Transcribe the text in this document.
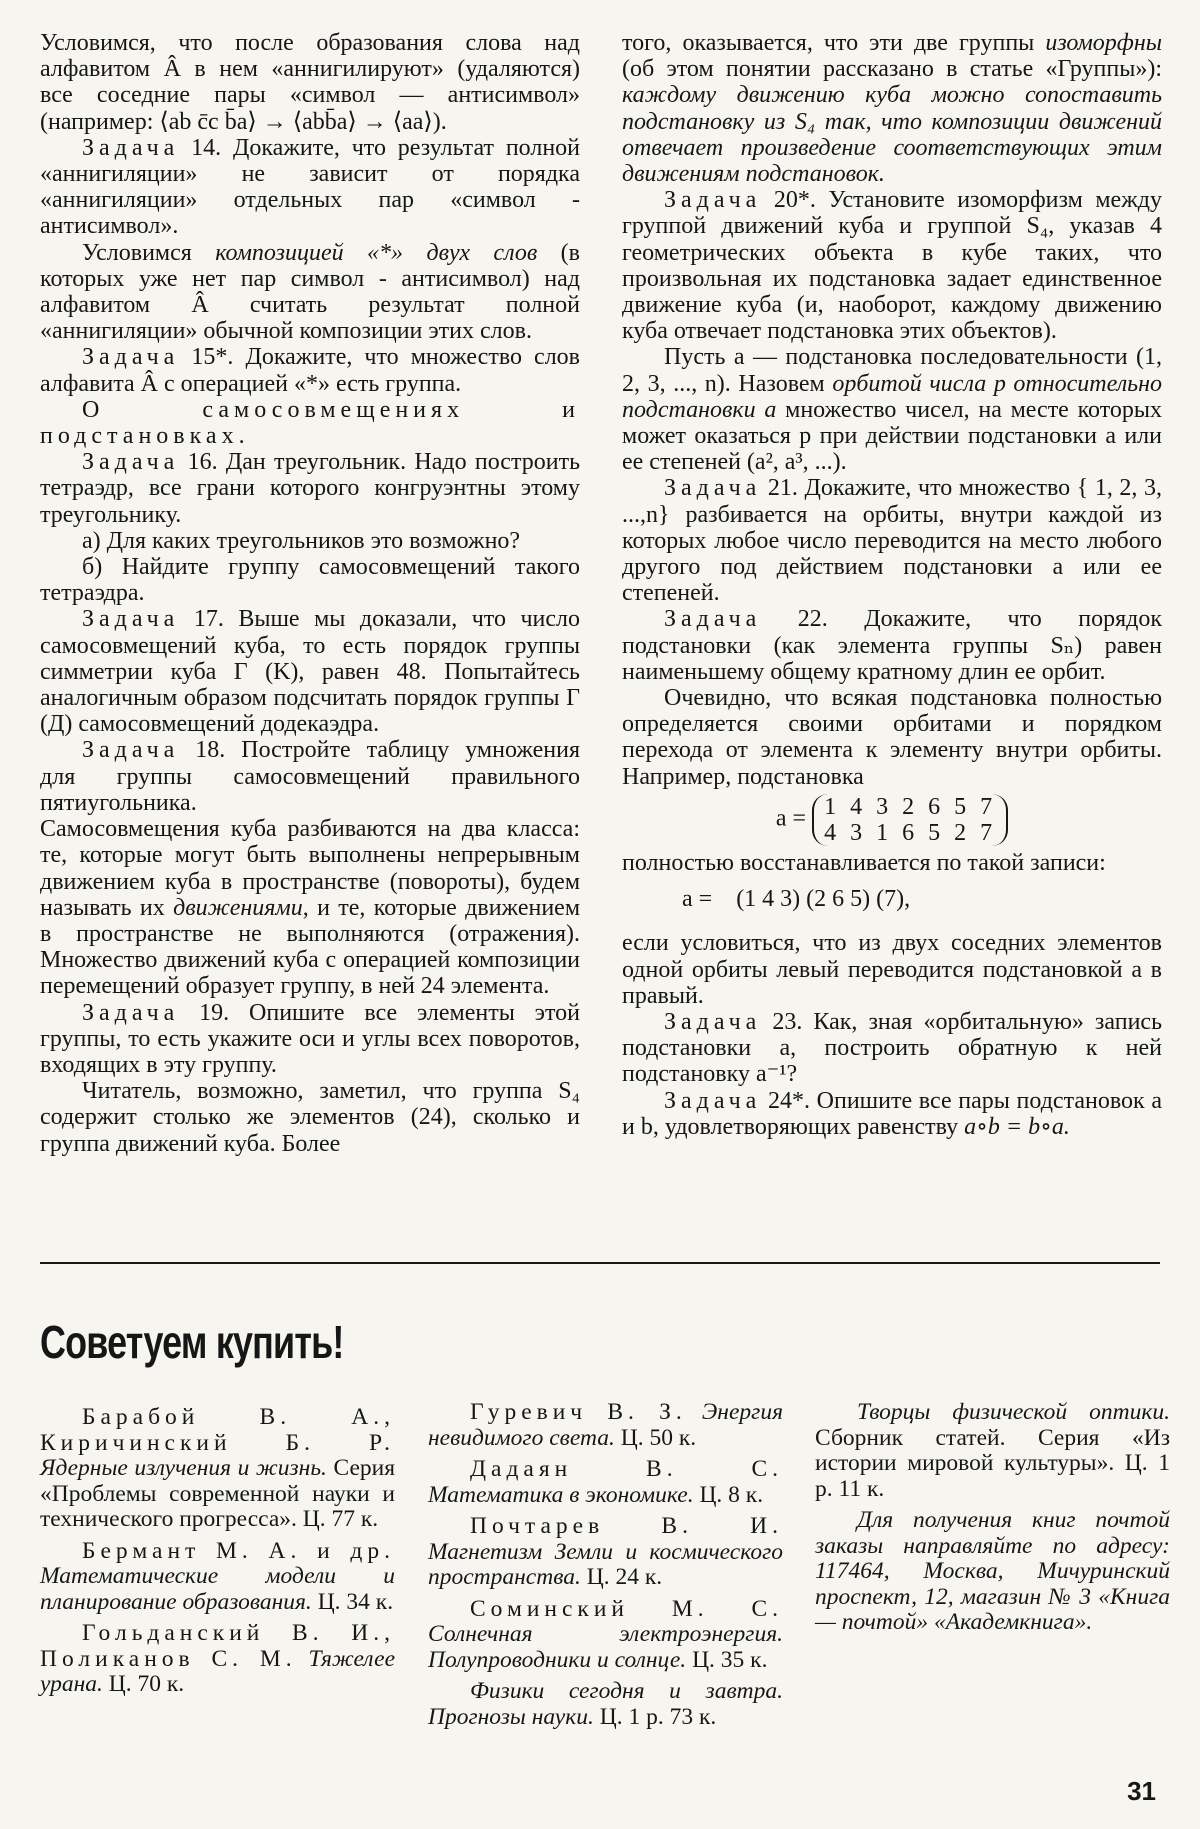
Условимся, что после образования слова над алфавитом Â в нем «аннигилируют» (удаляются) все соседние пары «символ — антисимвол» (например: ⟨ab c̄c b̄a⟩ → ⟨abb̄a⟩ → ⟨aa⟩).

Задача 14. Докажите, что результат полной «аннигиляции» не зависит от порядка «аннигиляции» отдельных пар «символ - антисимвол».

Условимся композицией «*» двух слов (в которых уже нет пар символ - антисимвол) над алфавитом Â считать результат полной «аннигиляции» обычной композиции этих слов.

Задача 15*. Докажите, что множество слов алфавита Â с операцией «*» есть группа.

О самосовмещениях и подстановках.

Задача 16. Дан треугольник. Надо построить тетраэдр, все грани которого конгруэнтны этому треугольнику.

а) Для каких треугольников это возможно?

б) Найдите группу самосовмещений такого тетраэдра.

Задача 17. Выше мы доказали, что число самосовмещений куба, то есть порядок группы симметрии куба Г (K), равен 48. Попытайтесь аналогичным образом подсчитать порядок группы Г (Д) самосовмещений додекаэдра.

Задача 18. Постройте таблицу умножения для группы самосовмещений правильного пятиугольника.

Самосовмещения куба разбиваются на два класса: те, которые могут быть выполнены непрерывным движением куба в пространстве (повороты), будем называть их движениями, и те, которые движением в пространстве не выполняются (отражения). Множество движений куба с операцией композиции перемещений образует группу, в ней 24 элемента.

Задача 19. Опишите все элементы этой группы, то есть укажите оси и углы всех поворотов, входящих в эту группу.

Читатель, возможно, заметил, что группа S₄ содержит столько же элементов (24), сколько и группа движений куба. Более

того, оказывается, что эти две группы изоморфны (об этом понятии рассказано в статье «Группы»): каждому движению куба можно сопоставить подстановку из S₄ так, что композиции движений отвечает произведение соответствующих этим движениям подстановок.

Задача 20*. Установите изоморфизм между группой движений куба и группой S₄, указав 4 геометрических объекта в кубе таких, что произвольная их подстановка задает единственное движение куба (и, наоборот, каждому движению куба отвечает подстановка этих объектов).

Пусть a — подстановка последовательности (1, 2, 3, ..., n). Назовем орбитой числа p относительно подстановки a множество чисел, на месте которых может оказаться p при действии подстановки a или ее степеней (a², a³, ...).

Задача 21. Докажите, что множество { 1, 2, 3, ...,n} разбивается на орбиты, внутри каждой из которых любое число переводится на место любого другого под действием подстановки a или ее степеней.

Задача 22. Докажите, что порядок подстановки (как элемента группы Sₙ) равен наименьшему общему кратному длин ее орбит.

Очевидно, что всякая подстановка полностью определяется своими орбитами и порядком перехода от элемента к элементу внутри орбиты. Например, подстановка

a = 1 4 3 2 6 5 7
4 3 1 6 5 2 7

полностью восстанавливается по такой записи:

a = (1 4 3) (2 6 5) (7),

если условиться, что из двух соседних элементов одной орбиты левый переводится подстановкой a в правый.

Задача 23. Как, зная «орбитальную» запись подстановки a, построить обратную к ней подстановку a⁻¹?

Задача 24*. Опишите все пары подстановок a и b, удовлетворяющих равенству a∘b = b∘a.

Советуем купить!

Барабой В. А., Киричинский Б. Р. Ядерные излучения и жизнь. Серия «Проблемы современной науки и технического прогресса». Ц. 77 к.

Бермант М. А. и др. Математические модели и планирование образования. Ц. 34 к.

Гольданский В. И., Поликанов С. М. Тяжелее урана. Ц. 70 к.

Гуревич В. З. Энергия невидимого света. Ц. 50 к.

Дадаян В. С. Математика в экономике. Ц. 8 к.

Почтарев В. И. Магнетизм Земли и космического пространства. Ц. 24 к.

Соминский М. С. Солнечная электроэнергия. Полупроводники и солнце. Ц. 35 к.

Физики сегодня и завтра. Прогнозы науки. Ц. 1 р. 73 к.

Творцы физической оптики. Сборник статей. Серия «Из истории мировой культуры». Ц. 1 р. 11 к.

Для получения книг почтой заказы направляйте по адресу: 117464, Москва, Мичуринский проспект, 12, магазин № 3 «Книга — почтой» «Академкнига».

31
